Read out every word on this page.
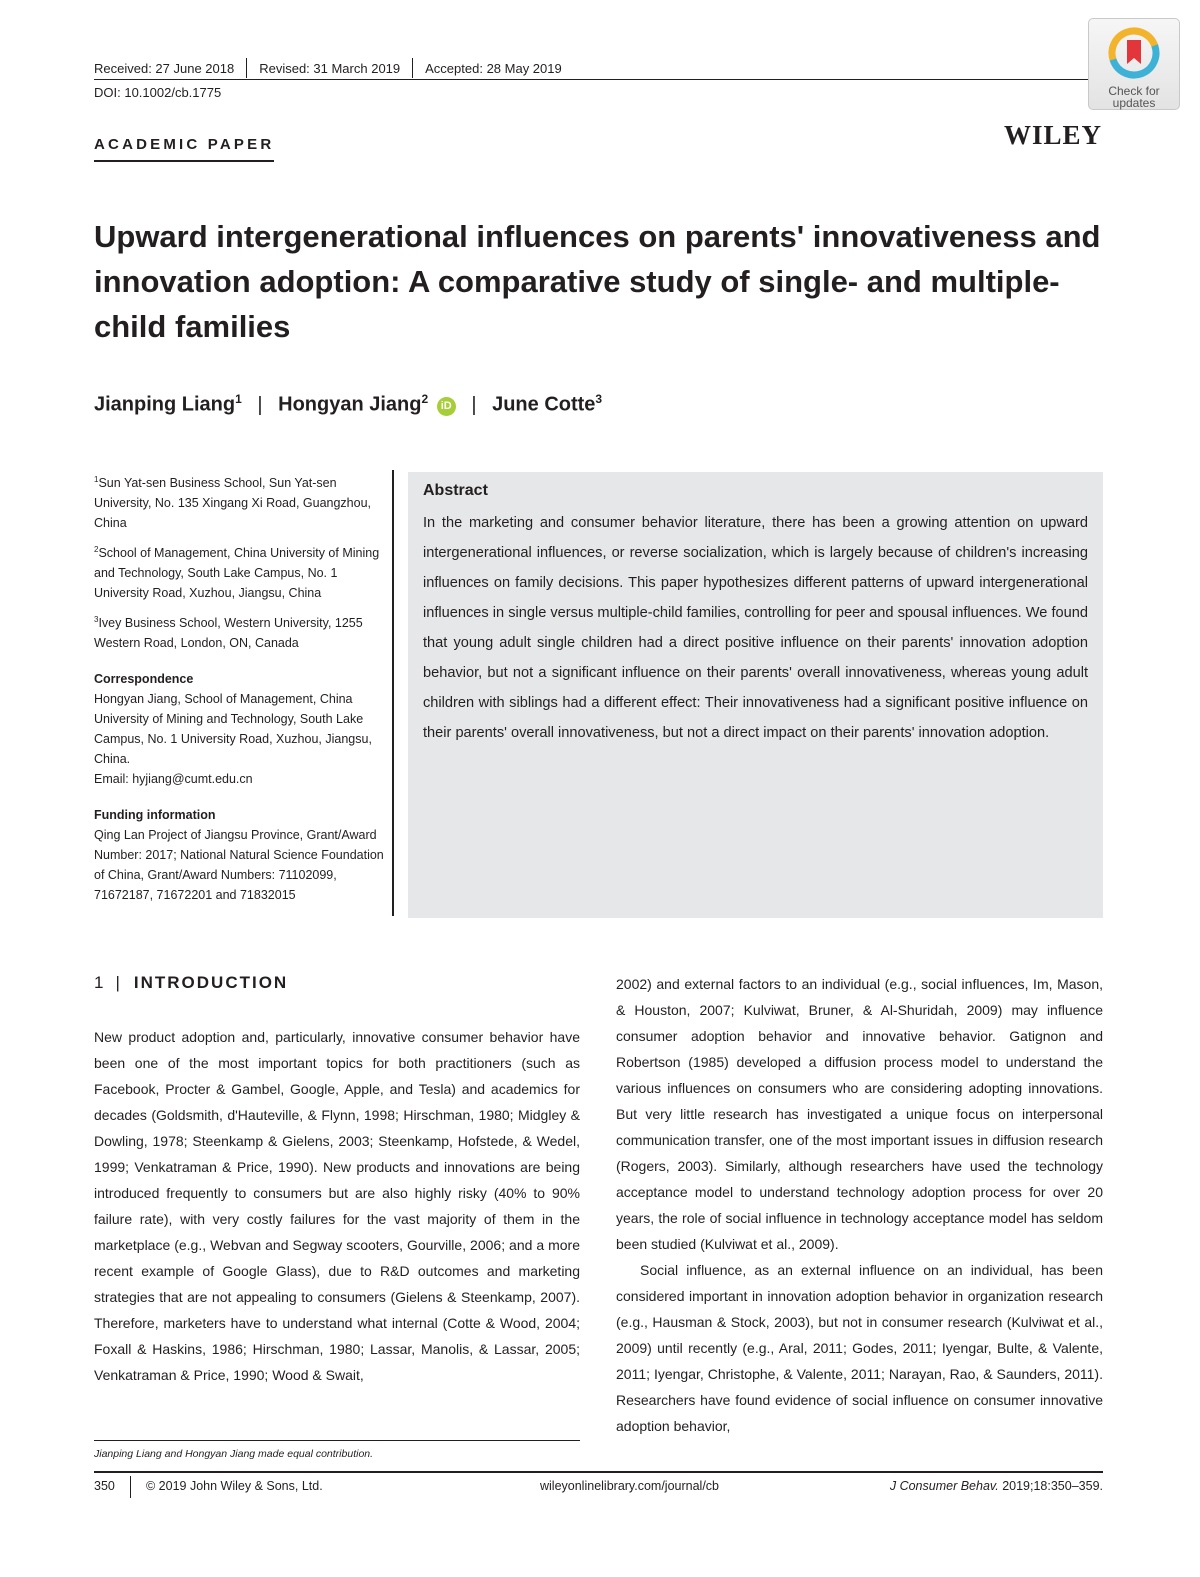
Received: 27 June 2018 Revised: 31 March 2019 Accepted: 28 May 2019
DOI: 10.1002/cb.1775	Check for
updates
ACADEMIC PAPER	WILEY
Upward intergenerational influences on parents' innovativeness and innovation adoption: A comparative study of single- and multiple-child families
Jianping Liang$^1$ | Hongyan Jiang$^2$ iD | June Cotte$^3$
$^1$Sun Yat-sen Business School, Sun Yat-sen University, No. 135 Xingang Xi Road, Guangzhou, China
$^2$School of Management, China University of Mining and Technology, South Lake Campus, No. 1 University Road, Xuzhou, Jiangsu, China
$^3$Ivey Business School, Western University, 1255 Western Road, London, ON, Canada
Correspondence

Hongyan Jiang, School of Management, China University of Mining and Technology, South Lake Campus, No. 1 University Road, Xuzhou, Jiangsu, China.

Email: hyjiang@cumt.edu.cn

Funding information

Qing Lan Project of Jiangsu Province, Grant/Award Number: 2017; National Natural Science Foundation of China, Grant/Award Numbers: 71102099, 71672187, 71672201 and 71832015

Abstract
In the marketing and consumer behavior literature, there has been a growing attention on upward intergenerational influences, or reverse socialization, which is largely because of children's increasing influences on family decisions. This paper hypothesizes different patterns of upward intergenerational influences in single versus multiple-child families, controlling for peer and spousal influences. We found that young adult single children had a direct positive influence on their parents' innovation adoption behavior, but not a significant influence on their parents' overall innovativeness, whereas young adult children with siblings had a different effect: Their innovativeness had a significant positive influence on their parents' overall innovativeness, but not a direct impact on their parents' innovation adoption.
1 | INTRODUCTION

New product adoption and, particularly, innovative consumer behavior have been one of the most important topics for both practitioners (such as Facebook, Procter & Gambel, Google, Apple, and Tesla) and academics for decades (Goldsmith, d'Hauteville, & Flynn, 1998; Hirschman, 1980; Midgley & Dowling, 1978; Steenkamp & Gielens, 2003; Steenkamp, Hofstede, & Wedel, 1999; Venkatraman & Price, 1990). New products and innovations are being introduced frequently to consumers but are also highly risky (40% to 90% failure rate), with very costly failures for the vast majority of them in the marketplace (e.g., Webvan and Segway scooters, Gourville, 2006; and a more recent example of Google Glass), due to R&D outcomes and marketing strategies that are not appealing to consumers (Gielens & Steenkamp, 2007). Therefore, marketers have to understand what internal (Cotte & Wood, 2004; Foxall & Haskins, 1986; Hirschman, 1980; Lassar, Manolis, & Lassar, 2005; Venkatraman & Price, 1990; Wood & Swait,

2002) and external factors to an individual (e.g., social influences, Im, Mason, & Houston, 2007; Kulviwat, Bruner, & Al-Shuridah, 2009) may influence consumer adoption behavior and innovative behavior. Gatignon and Robertson (1985) developed a diffusion process model to understand the various influences on consumers who are considering adopting innovations. But very little research has investigated a unique focus on interpersonal communication transfer, one of the most important issues in diffusion research (Rogers, 2003). Similarly, although researchers have used the technology acceptance model to understand technology adoption process for over 20 years, the role of social influence in technology acceptance model has seldom been studied (Kulviwat et al., 2009).

Social influence, as an external influence on an individual, has been considered important in innovation adoption behavior in organization research (e.g., Hausman & Stock, 2003), but not in consumer research (Kulviwat et al., 2009) until recently (e.g., Aral, 2011; Godes, 2011; Iyengar, Bulte, & Valente, 2011; Iyengar, Christophe, & Valente, 2011; Narayan, Rao, & Saunders, 2011). Researchers have found evidence of social influence on consumer innovative adoption behavior,

Jianping Liang and Hongyan Jiang made equal contribution.
350 © 2019 John Wiley & Sons, Ltd.	wileyonlinelibrary.com/journal/cb	J Consumer Behav. 2019;18:350–359.
